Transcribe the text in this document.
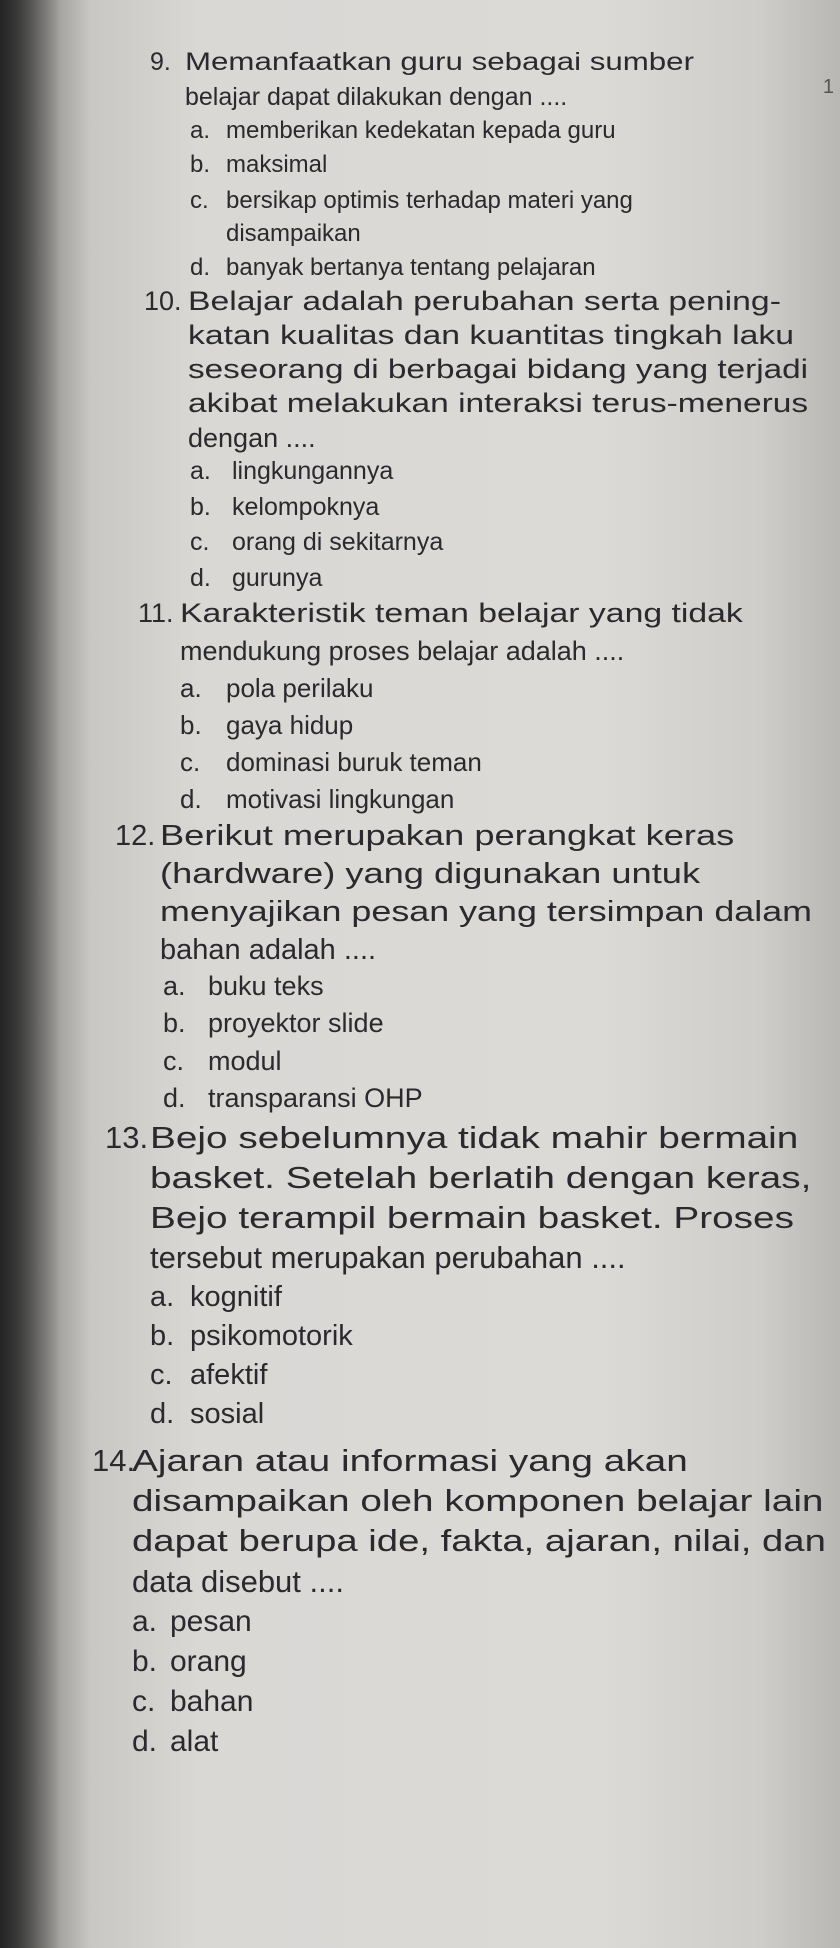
1
9. Memanfaatkan guru sebagai sumber
belajar dapat dilakukan dengan ....
a. memberikan kedekatan kepada guru
b. maksimal
c. bersikap optimis terhadap materi yang
disampaikan
d. banyak bertanya tentang pelajaran
10. Belajar adalah perubahan serta pening-
katan kualitas dan kuantitas tingkah laku
seseorang di berbagai bidang yang terjadi
akibat melakukan interaksi terus-menerus
dengan ....
a. lingkungannya
b. kelompoknya
c. orang di sekitarnya
d. gurunya
11. Karakteristik teman belajar yang tidak
mendukung proses belajar adalah ....
a. pola perilaku
b. gaya hidup
c. dominasi buruk teman
d. motivasi lingkungan
12. Berikut merupakan perangkat keras
(hardware) yang digunakan untuk
menyajikan pesan yang tersimpan dalam
bahan adalah ....
a. buku teks
b. proyektor slide
c. modul
d. transparansi OHP
13. Bejo sebelumnya tidak mahir bermain
basket. Setelah berlatih dengan keras,
Bejo terampil bermain basket. Proses
tersebut merupakan perubahan ....
a. kognitif
b. psikomotorik
c. afektif
d. sosial
14.
Ajaran atau informasi yang akan
disampaikan oleh komponen belajar lain
dapat berupa ide, fakta, ajaran, nilai, dan
data disebut ....
a. pesan
b. orang
c. bahan
d. alat
